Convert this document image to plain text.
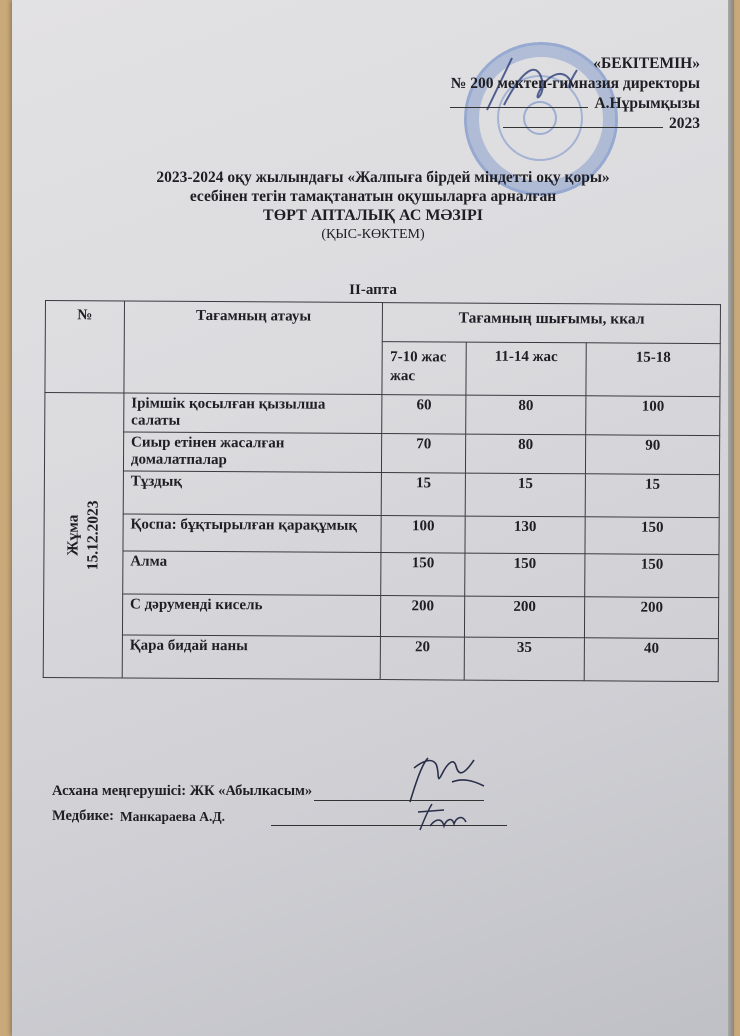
«БЕКІТЕМІН»
№ 200 мектеп-гимназия директоры
А.Нұрымқызы
2023
2023-2024 оқу жылындағы «Жалпыға бірдей міндетті оқу қоры»
есебінен тегін тамақтанатын оқушыларға арналған
ТӨРТ АПТАЛЫҚ АС МӘЗІРІ
(ҚЫС-КӨКТЕМ)
ІІ-апта
№	Тағамның атауы	Тағамның шығымы, ккал		
		7-10 жас жас	11-14 жас	15-18

Жұма 15.12.2023	Ірімшік қосылған қызылша салаты	60	80	100
	Сиыр етінен жасалған домалатпалар	70	80	90
	Тұздық	15	15	15
	Қоспа: бұқтырылған қарақұмық	100	130	150
	Алма	150	150	150
	С дәруменді кисель	200	200	200
	Қара бидай наны	20	35	40
Асхана меңгерушісі: ЖК «Абылкасым»
Медбике: Манкараева А.Д.
